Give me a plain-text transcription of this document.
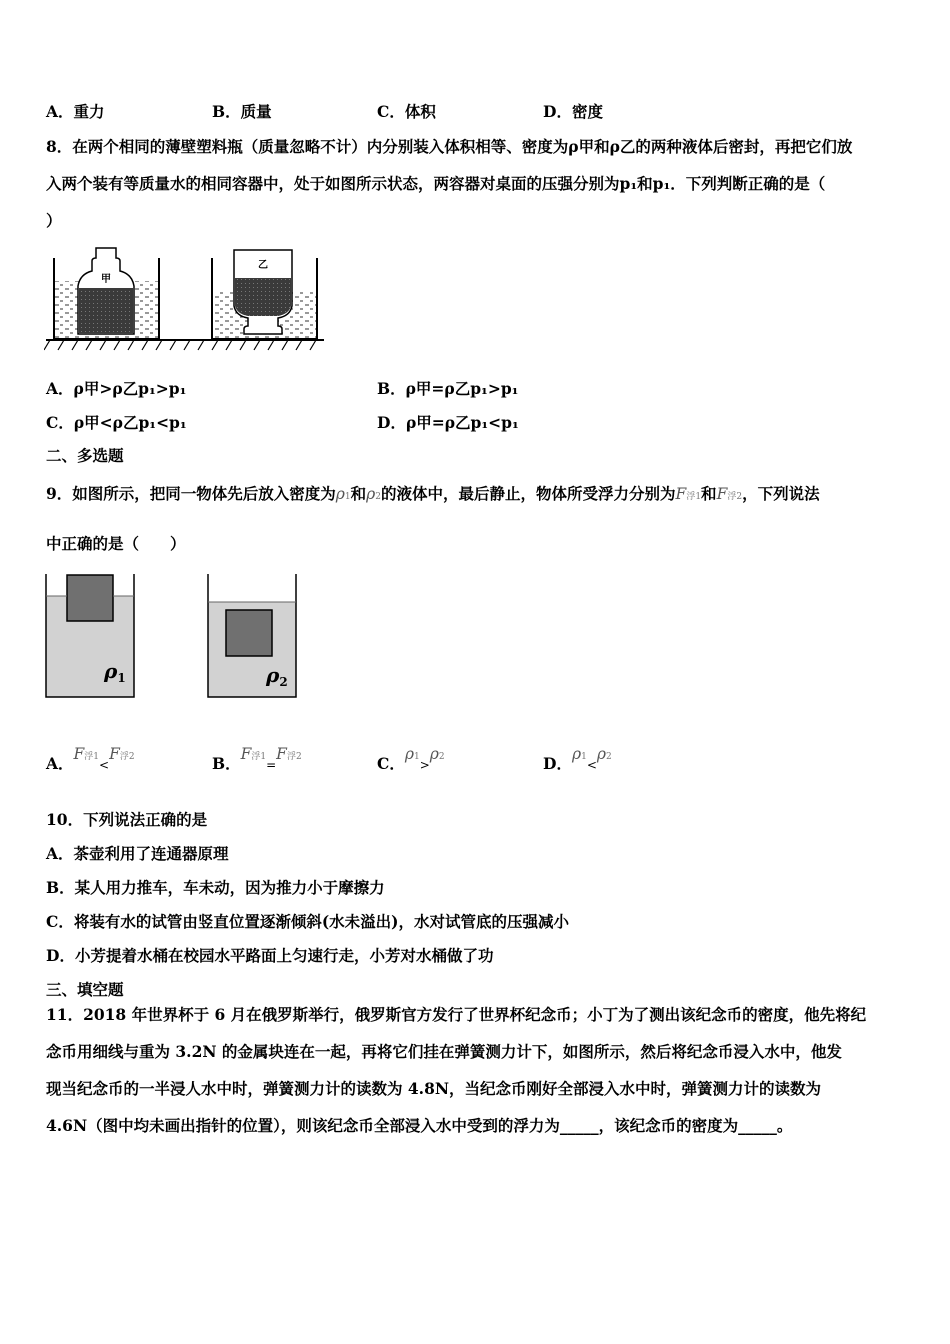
A．重力	B．质量	C．体积	D．密度
8．在两个相同的薄壁塑料瓶（质量忽略不计）内分别装入体积相等、密度为ρ甲和ρ乙的两种液体后密封，再把它们放
入两个装有等质量水的相同容器中，处于如图所示状态，两容器对桌面的压强分别为p₁和p₁．下列判断正确的是（
）
甲
乙
A．ρ甲>ρ乙p₁>p₁	B．ρ甲=ρ乙p₁>p₁
C．ρ甲<ρ乙p₁<p₁	D．ρ甲=ρ乙p₁<p₁
二、多选题
9．如图所示，把同一物体先后放入密度为ρ1和ρ2的液体中，最后静止，物体所受浮力分别为F浮1和F浮2，下列说法
中正确的是（　　）
$\rho_1$	$\rho_2$
A．F浮1<F浮2	B．F浮1=F浮2	C．ρ1>ρ2	D．ρ1<ρ2
10．下列说法正确的是
A．茶壶利用了连通器原理
B．某人用力推车，车未动，因为推力小于摩擦力
C．将装有水的试管由竖直位置逐渐倾斜(水未溢出)，水对试管底的压强减小
D．小芳提着水桶在校园水平路面上匀速行走，小芳对水桶做了功
三、填空题
11．2018 年世界杯于 6 月在俄罗斯举行，俄罗斯官方发行了世界杯纪念币；小丁为了测出该纪念币的密度，他先将纪
念币用细线与重为 3.2N 的金属块连在一起，再将它们挂在弹簧测力计下，如图所示，然后将纪念币浸入水中，他发
现当纪念币的一半浸人水中时，弹簧测力计的读数为 4.8N，当纪念币刚好全部浸入水中时，弹簧测力计的读数为
4.6N（图中均未画出指针的位置），则该纪念币全部浸入水中受到的浮力为_____，该纪念币的密度为_____。
